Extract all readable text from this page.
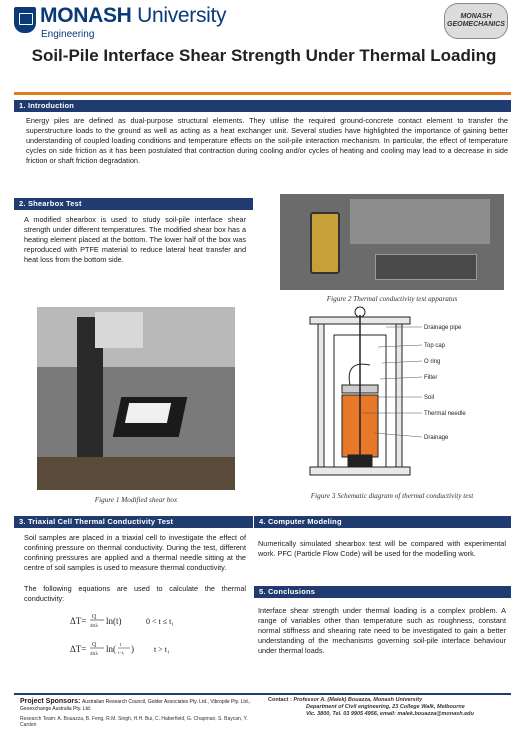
MONASH University
Engineering
MONASH GEOMECHANICS
Soil-Pile Interface Shear Strength Under Thermal Loading
1. Introduction
Energy piles are defined as dual-purpose structural elements. They utilise the required ground-concrete contact element to transfer the superstructure loads to the ground as well as acting as a heat exchanger unit. Several studies have highlighted the importance of gaining better understanding of coupled loading conditions and temperature effects on the soil-pile interaction mechanism. In particular, the effect of temperature cycles on side friction as it has been postulated that contraction during cooling and/or cycles of heating and cooling may lead to a decrease in side friction or shaft friction degradation.
2. Shearbox Test
A modified shearbox is used to study soil-pile interface shear strength under different temperatures. The modified shear box has a heating element placed at the bottom. The lower half of the box was reproduced with PTFE material to reduce lateral heat transfer and heat loss from the bottom side.
Figure 2 Thermal conductivity test apparatus
Figure 1 Modified shear box
Drainage pipe
Top cap
O ring
Filter
Soil
Thermal needle
Drainage
Figure 3 Schematic diagram of thermal conductivity test
3. Triaxial Cell Thermal Conductivity Test
Soil samples are placed in a triaxial cell to investigate the effect of confining pressure on thermal conductivity. During the test, different confining pressures are applied and a thermal needle sitting at the centre of soil samples is used to measure thermal conductivity.
The following equations are used to calculate the thermal conductivity:
ΔT= Q
4πλ ln(t)	0 < t ≤ t₁
ΔT= Q
4πλ ln( t
t−t₁ )	t > t₁
4. Computer Modeling
Numerically simulated shearbox test will be compared with experimental work. PFC (Particle Flow Code) will be used for the modelling work.
5. Conclusions
Interface shear strength under thermal loading is a complex problem. A range of variables other than temperature such as roughness, constant normal stiffness and shearing rate need to be investigated to gain a better understanding of the mechanisms governing soil-pile interface behaviour under thermal loads.
Project Sponsors: Australian Research Council, Golder Associates Pty. Ltd., Vibropile Pty. Ltd., Geoexchange Australia Pty. Ltd.
Research Team: A. Bouazza, B. Feng, R.M. Singh, H.H. Bui, C. Haberfield, G. Chapman, S. Baycan, Y. Carden
Contact : Professor A. (Malek) Bouazza, Monash University
Department of Civil engineering, 23 College Walk, Melbourne
Vic. 3800, Tel. 03 9905 4956, email: malek.bouazza@monash.edu
